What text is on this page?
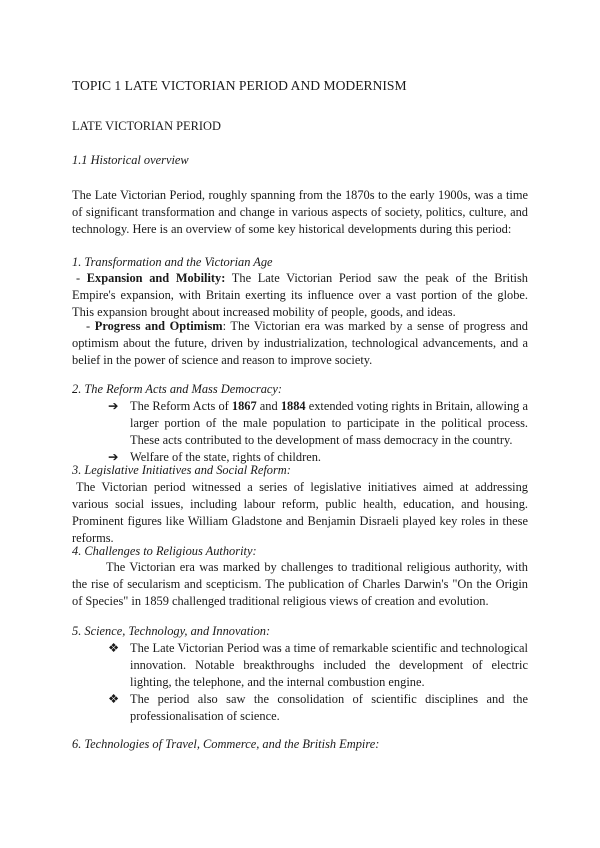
TOPIC 1 LATE VICTORIAN PERIOD AND MODERNISM
LATE VICTORIAN PERIOD
1.1 Historical overview

The Late Victorian Period, roughly spanning from the 1870s to the early 1900s, was a time of significant transformation and change in various aspects of society, politics, culture, and technology. Here is an overview of some key historical developments during this period:

1. Transformation and the Victorian Age

- Expansion and Mobility: The Late Victorian Period saw the peak of the British Empire's expansion, with Britain exerting its influence over a vast portion of the globe. This expansion brought about increased mobility of people, goods, and ideas.

- Progress and Optimism: The Victorian era was marked by a sense of progress and optimism about the future, driven by industrialization, technological advancements, and a belief in the power of science and reason to improve society.

2. The Reform Acts and Mass Democracy:
➔ The Reform Acts of 1867 and 1884 extended voting rights in Britain, allowing a larger portion of the male population to participate in the political process. These acts contributed to the development of mass democracy in the country.
➔ Welfare of the state, rights of children.
3. Legislative Initiatives and Social Reform:

The Victorian period witnessed a series of legislative initiatives aimed at addressing various social issues, including labour reform, public health, education, and housing. Prominent figures like William Gladstone and Benjamin Disraeli played key roles in these reforms.

4. Challenges to Religious Authority:

The Victorian era was marked by challenges to traditional religious authority, with the rise of secularism and scepticism. The publication of Charles Darwin's "On the Origin of Species" in 1859 challenged traditional religious views of creation and evolution.

5. Science, Technology, and Innovation:
❖ The Late Victorian Period was a time of remarkable scientific and technological innovation. Notable breakthroughs included the development of electric lighting, the telephone, and the internal combustion engine.
❖ The period also saw the consolidation of scientific disciplines and the professionalisation of science.
6. Technologies of Travel, Commerce, and the British Empire:
